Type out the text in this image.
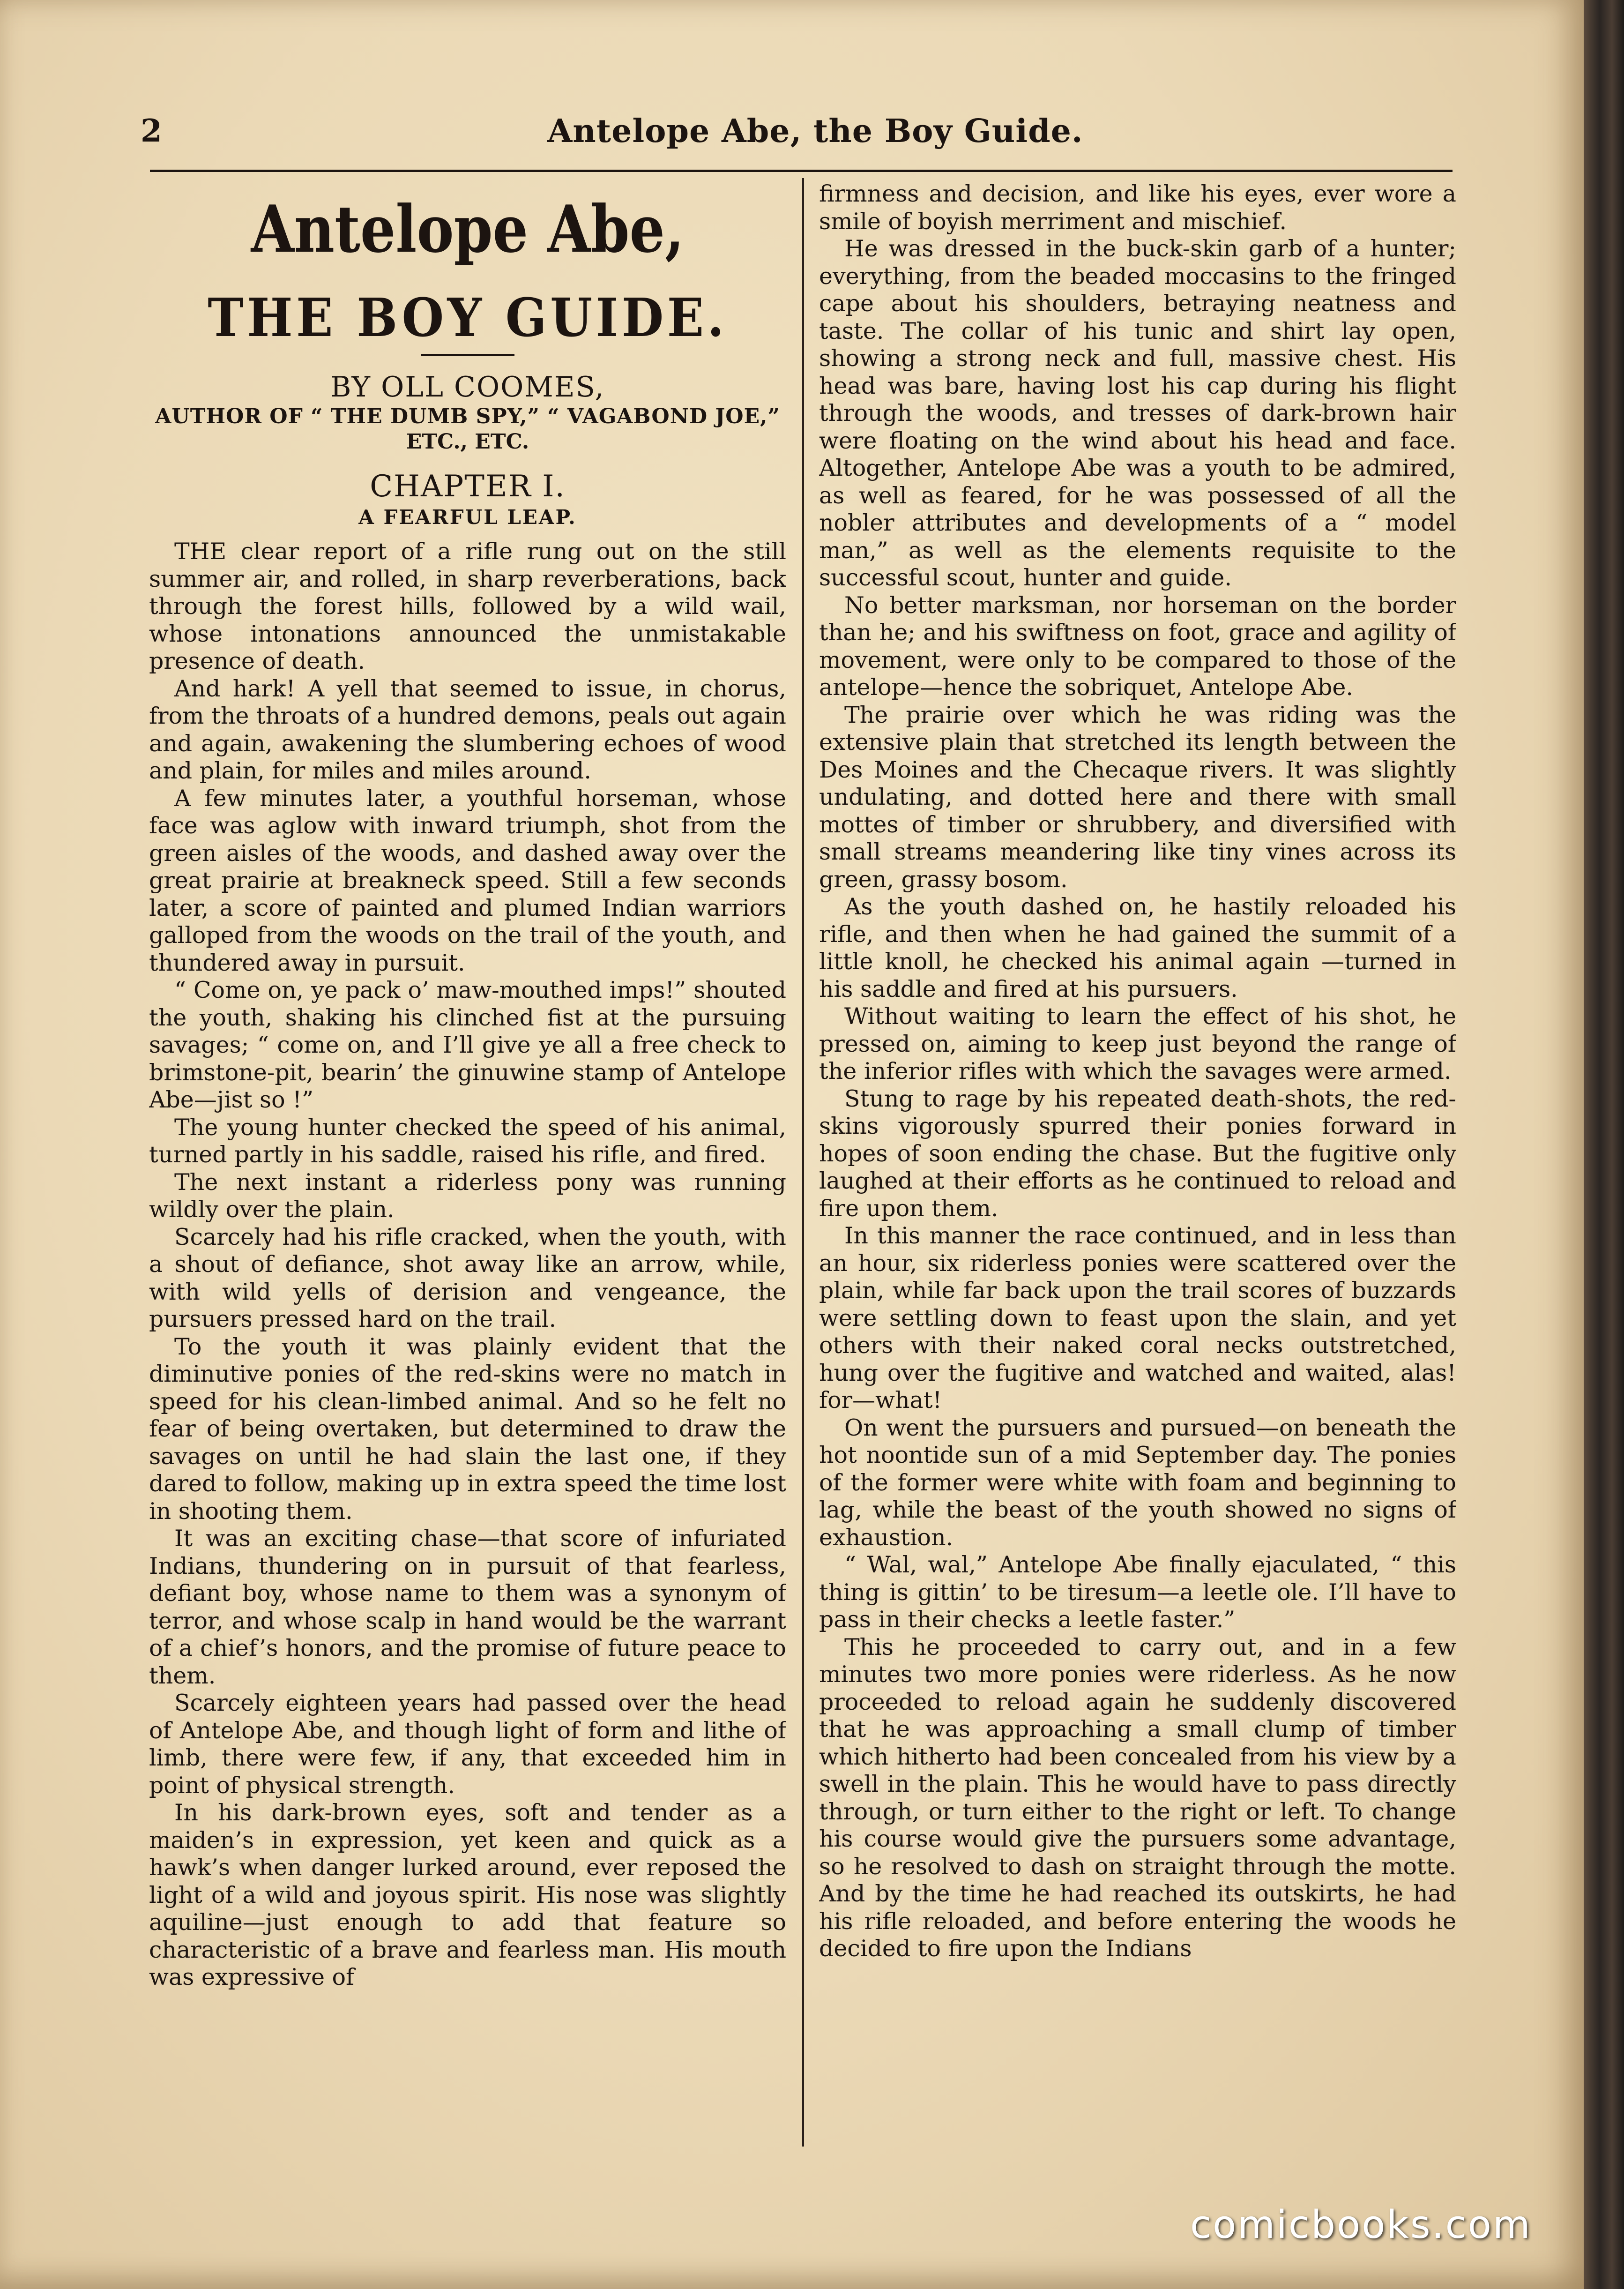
2	Antelope Abe, the Boy Guide.
Antelope Abe,
THE BOY GUIDE.
BY OLL COOMES,
AUTHOR OF “ THE DUMB SPY,” “ VAGABOND JOE,”
ETC., ETC.
CHAPTER I.
A FEARFUL LEAP.

THE clear report of a rifle rung out on the still summer air, and rolled, in sharp reverberations, back through the forest hills, followed by a wild wail, whose intonations announced the unmistakable presence of death.

And hark! A yell that seemed to issue, in chorus, from the throats of a hundred demons, peals out again and again, awakening the slumbering echoes of wood and plain, for miles and miles around.

A few minutes later, a youthful horseman, whose face was aglow with inward triumph, shot from the green aisles of the woods, and dashed away over the great prairie at breakneck speed. Still a few seconds later, a score of painted and plumed Indian warriors galloped from the woods on the trail of the youth, and thundered away in pursuit.

“ Come on, ye pack o’ maw-mouthed imps!” shouted the youth, shaking his clinched fist at the pursuing savages; “ come on, and I’ll give ye all a free check to brimstone-pit, bearin’ the ginuwine stamp of Antelope Abe—jist so !”

The young hunter checked the speed of his animal, turned partly in his saddle, raised his rifle, and fired.

The next instant a riderless pony was running wildly over the plain.

Scarcely had his rifle cracked, when the youth, with a shout of defiance, shot away like an arrow, while, with wild yells of derision and vengeance, the pursuers pressed hard on the trail.

To the youth it was plainly evident that the diminutive ponies of the red-skins were no match in speed for his clean-limbed animal. And so he felt no fear of being overtaken, but determined to draw the savages on until he had slain the last one, if they dared to follow, making up in extra speed the time lost in shooting them.

It was an exciting chase—that score of infuriated Indians, thundering on in pursuit of that fearless, defiant boy, whose name to them was a synonym of terror, and whose scalp in hand would be the warrant of a chief’s honors, and the promise of future peace to them.

Scarcely eighteen years had passed over the head of Antelope Abe, and though light of form and lithe of limb, there were few, if any, that exceeded him in point of physical strength.

In his dark-brown eyes, soft and tender as a maiden’s in expression, yet keen and quick as a hawk’s when danger lurked around, ever reposed the light of a wild and joyous spirit. His nose was slightly aquiline—just enough to add that feature so characteristic of a brave and fearless man. His mouth was expressive of

firmness and decision, and like his eyes, ever wore a smile of boyish merriment and mischief.

He was dressed in the buck-skin garb of a hunter; everything, from the beaded moccasins to the fringed cape about his shoulders, betraying neatness and taste. The collar of his tunic and shirt lay open, showing a strong neck and full, massive chest. His head was bare, having lost his cap during his flight through the woods, and tresses of dark-brown hair were floating on the wind about his head and face. Altogether, Antelope Abe was a youth to be admired, as well as feared, for he was possessed of all the nobler attributes and developments of a “ model man,” as well as the elements requisite to the successful scout, hunter and guide.

No better marksman, nor horseman on the border than he; and his swiftness on foot, grace and agility of movement, were only to be compared to those of the antelope—hence the sobriquet, Antelope Abe.

The prairie over which he was riding was the extensive plain that stretched its length between the Des Moines and the Checaque rivers. It was slightly undulating, and dotted here and there with small mottes of timber or shrubbery, and diversified with small streams meandering like tiny vines across its green, grassy bosom.

As the youth dashed on, he hastily reloaded his rifle, and then when he had gained the summit of a little knoll, he checked his animal again —turned in his saddle and fired at his pursuers.

Without waiting to learn the effect of his shot, he pressed on, aiming to keep just beyond the range of the inferior rifles with which the savages were armed.

Stung to rage by his repeated death-shots, the red-skins vigorously spurred their ponies forward in hopes of soon ending the chase. But the fugitive only laughed at their efforts as he continued to reload and fire upon them.

In this manner the race continued, and in less than an hour, six riderless ponies were scattered over the plain, while far back upon the trail scores of buzzards were settling down to feast upon the slain, and yet others with their naked coral necks outstretched, hung over the fugitive and watched and waited, alas! for—what!

On went the pursuers and pursued—on beneath the hot noontide sun of a mid September day. The ponies of the former were white with foam and beginning to lag, while the beast of the youth showed no signs of exhaustion.

“ Wal, wal,” Antelope Abe finally ejaculated, “ this thing is gittin’ to be tiresum—a leetle ole. I’ll have to pass in their checks a leetle faster.”

This he proceeded to carry out, and in a few minutes two more ponies were riderless. As he now proceeded to reload again he suddenly discovered that he was approaching a small clump of timber which hitherto had been concealed from his view by a swell in the plain. This he would have to pass directly through, or turn either to the right or left. To change his course would give the pursuers some advantage, so he resolved to dash on straight through the motte. And by the time he had reached its outskirts, he had his rifle reloaded, and before entering the woods he decided to fire upon the Indians

comicbooks.com
